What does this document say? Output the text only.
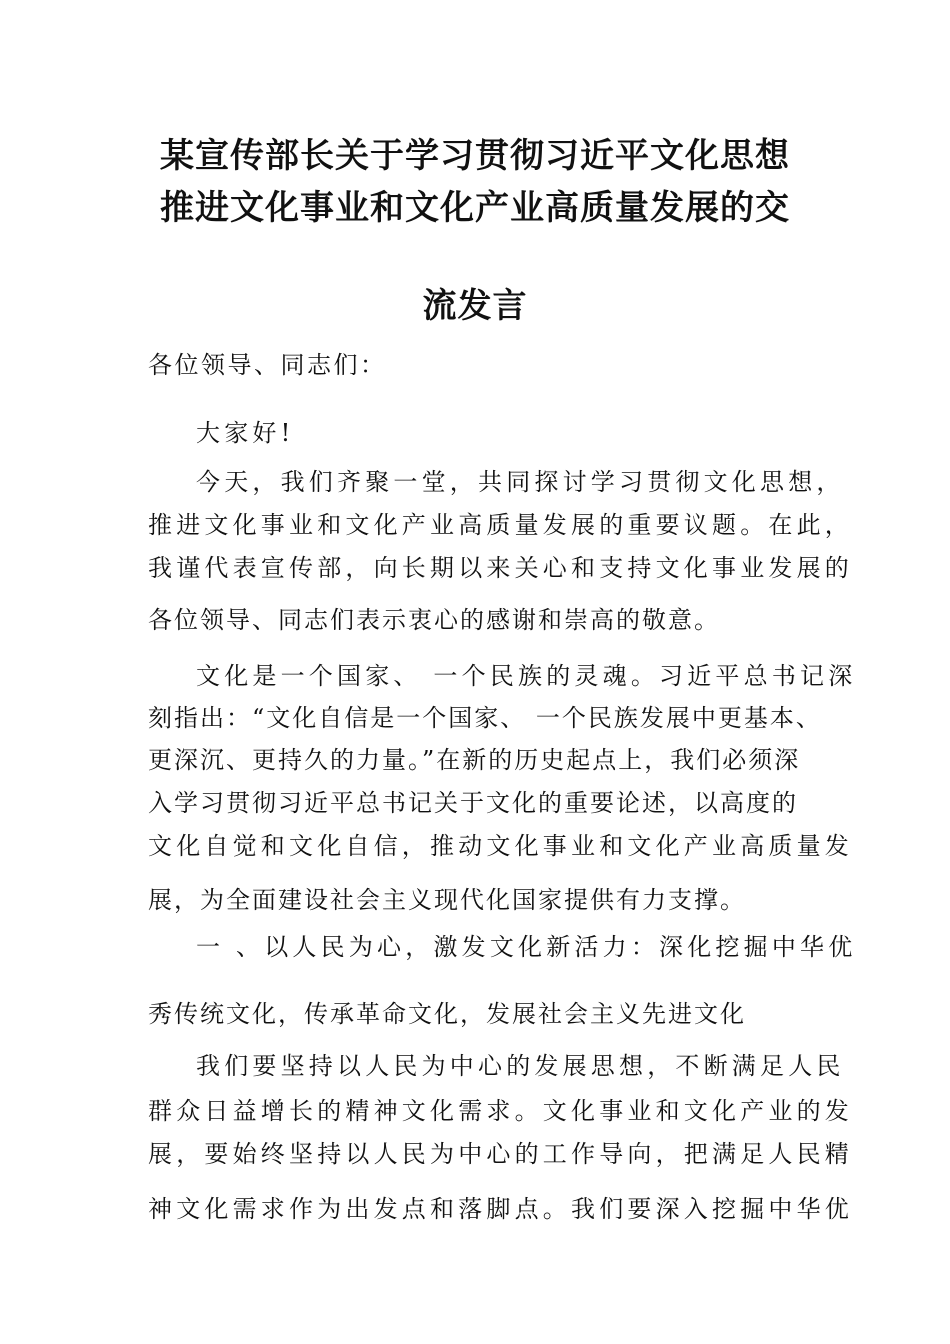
某宣传部长关于学习贯彻习近平文化思想
推进文化事业和文化产业高质量发展的交
流发言
各位领导、同志们：
大家好!
今天，我们齐聚一堂，共同探讨学习贯彻文化思想，
推进文化事业和文化产业高质量发展的重要议题。在此，
我谨代表宣传部，向长期以来关心和支持文化事业发展的
各位领导、同志们表示衷心的感谢和崇高的敬意。
文化是一个国家、 一个民族的灵魂。习近平总书记深
刻指出：“文化自信是一个国家、 一个民族发展中更基本、
更深沉、更持久的力量。”在新的历史起点上，我们必须深
入学习贯彻习近平总书记关于文化的重要论述，以高度的
文化自觉和文化自信，推动文化事业和文化产业高质量发
展，为全面建设社会主义现代化国家提供有力支撑。
一 、以人民为心，激发文化新活力：深化挖掘中华优
秀传统文化，传承革命文化，发展社会主义先进文化
我们要坚持以人民为中心的发展思想，不断满足人民
群众日益增长的精神文化需求。文化事业和文化产业的发
展，要始终坚持以人民为中心的工作导向，把满足人民精
神文化需求作为出发点和落脚点。我们要深入挖掘中华优
